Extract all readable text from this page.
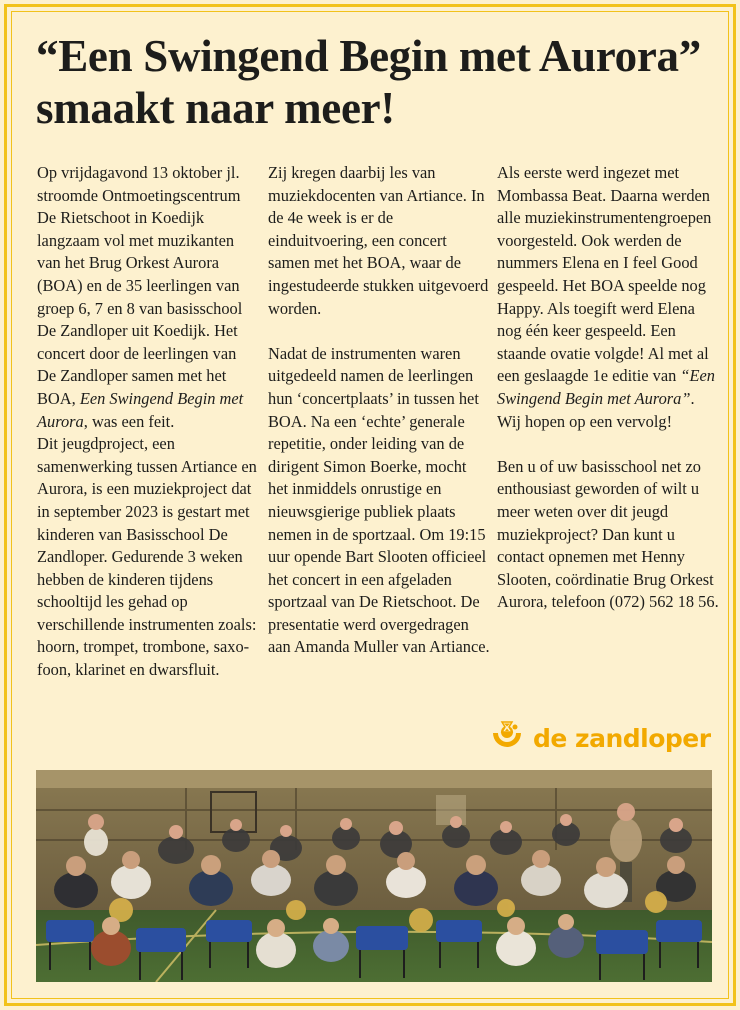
“Een Swingend Begin met Aurora” smaakt naar meer!

Op vrijdagavond 13 oktober jl. stroomde Ontmoetingscentrum De Rietschoot in Koedijk langzaam vol met muzikanten van het Brug Orkest Aurora (BOA) en de 35 leerlingen van groep 6, 7 en 8 van basisschool De Zandloper uit Koedijk. Het concert door de leerlingen van De Zandloper samen met het BOA, Een Swingend Begin met Aurora, was een feit.

Dit jeugdproject, een samenwerking tussen Artiance en Aurora, is een muziekproject dat in september 2023 is gestart met kinderen van Basisschool De Zandloper. Gedurende 3 weken hebben de kinderen tijdens schooltijd les gehad op verschillende instrumenten zoals: hoorn, trompet, trombone, saxofoon, klarinet en dwarsfluit.

Zij kregen daarbij les van muziekdocenten van Artiance. In de 4e week is er de einduitvoering, een concert samen met het BOA, waar de ingestudeerde stukken uitgevoerd worden.

Nadat de instrumenten waren uitgedeeld namen de leerlingen hun ‘concertplaats’ in tussen het BOA. Na een ‘echte’ generale repetitie, onder leiding van de dirigent Simon Boerke, mocht het inmiddels onrustige en nieuwsgierige publiek plaats nemen in de sportzaal. Om 19:15 uur opende Bart Slooten officieel het concert in een afgeladen sportzaal van De Rietschoot. De presentatie werd overgedragen aan Amanda Muller van Artiance.

Als eerste werd ingezet met Mombassa Beat. Daarna werden alle muziekinstrumentengroepen voorgesteld. Ook werden de nummers Elena en I feel Good gespeeld. Het BOA speelde nog Happy. Als toegift werd Elena nog één keer gespeeld. Een staande ovatie volgde! Al met al een geslaagde 1e editie van “Een Swingend Begin met Aurora”. Wij hopen op een vervolg!

Ben u of uw basisschool net zo enthousiast geworden of wilt u meer weten over dit jeugd muziekproject? Dan kunt u contact opnemen met Henny Slooten, coördinatie Brug Orkest Aurora, telefoon (072) 562 18 56.

de zandloper
